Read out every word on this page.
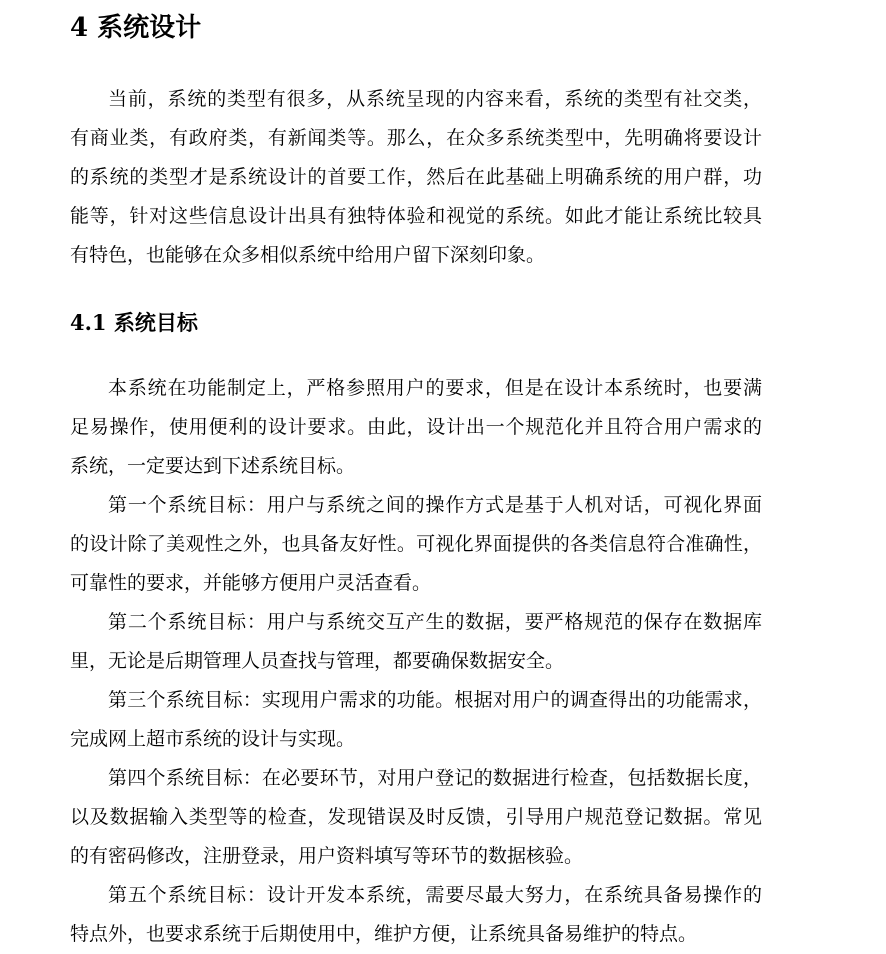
4 系统设计
当前，系统的类型有很多，从系统呈现的内容来看，系统的类型有社交类，
有商业类，有政府类，有新闻类等。那么，在众多系统类型中，先明确将要设计
的系统的类型才是系统设计的首要工作，然后在此基础上明确系统的用户群，功
能等，针对这些信息设计出具有独特体验和视觉的系统。如此才能让系统比较具
有特色，也能够在众多相似系统中给用户留下深刻印象。
4.1 系统目标
本系统在功能制定上，严格参照用户的要求，但是在设计本系统时，也要满
足易操作，使用便利的设计要求。由此，设计出一个规范化并且符合用户需求的
系统，一定要达到下述系统目标。
第一个系统目标：用户与系统之间的操作方式是基于人机对话，可视化界面
的设计除了美观性之外，也具备友好性。可视化界面提供的各类信息符合准确性，
可靠性的要求，并能够方便用户灵活查看。
第二个系统目标：用户与系统交互产生的数据，要严格规范的保存在数据库
里，无论是后期管理人员查找与管理，都要确保数据安全。
第三个系统目标：实现用户需求的功能。根据对用户的调查得出的功能需求，
完成网上超市系统的设计与实现。
第四个系统目标：在必要环节，对用户登记的数据进行检查，包括数据长度，
以及数据输入类型等的检查，发现错误及时反馈，引导用户规范登记数据。常见
的有密码修改，注册登录，用户资料填写等环节的数据核验。
第五个系统目标：设计开发本系统，需要尽最大努力，在系统具备易操作的
特点外，也要求系统于后期使用中，维护方便，让系统具备易维护的特点。
